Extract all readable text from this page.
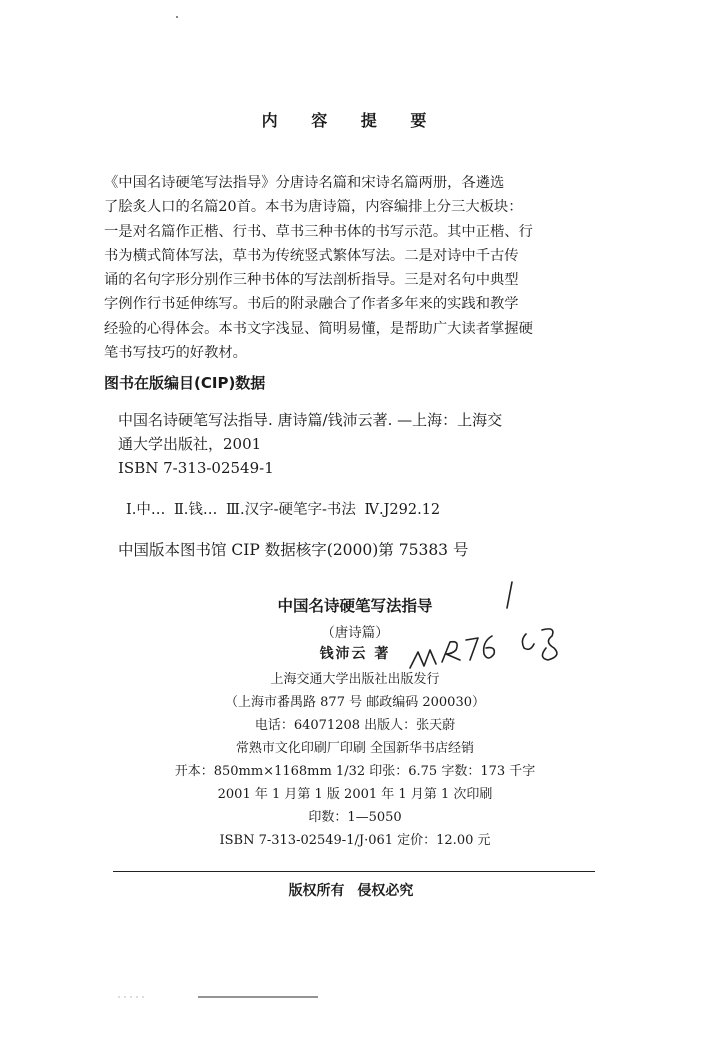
内 容 提 要
《中国名诗硬笔写法指导》分唐诗名篇和宋诗名篇两册，各遴选
了脍炙人口的名篇20首。本书为唐诗篇，内容编排上分三大板块：
一是对名篇作正楷、行书、草书三种书体的书写示范。其中正楷、行
书为横式简体写法，草书为传统竖式繁体写法。二是对诗中千古传
诵的名句字形分别作三种书体的写法剖析指导。三是对名句中典型
字例作行书延伸练写。书后的附录融合了作者多年来的实践和教学
经验的心得体会。本书文字浅显、简明易懂，是帮助广大读者掌握硬
笔书写技巧的好教材。
图书在版编目(CIP)数据
中国名诗硬笔写法指导. 唐诗篇/钱沛云著. —上海：上海交
通大学出版社，2001
ISBN 7-313-02549-1
Ⅰ.中… Ⅱ.钱… Ⅲ.汉字-硬笔字-书法 Ⅳ.J292.12
中国版本图书馆 CIP 数据核字(2000)第 75383 号
中国名诗硬笔写法指导
（唐诗篇）
钱沛云 著
上海交通大学出版社出版发行
（上海市番禺路 877 号 邮政编码 200030）
电话：64071208 出版人：张天蔚
常熟市文化印刷厂印刷 全国新华书店经销
开本：850mm×1168mm 1/32 印张：6.75 字数：173 千字
2001 年 1 月第 1 版 2001 年 1 月第 1 次印刷
印数：1—5050
ISBN 7-313-02549-1/J·061 定价：12.00 元
版权所有 侵权必究
